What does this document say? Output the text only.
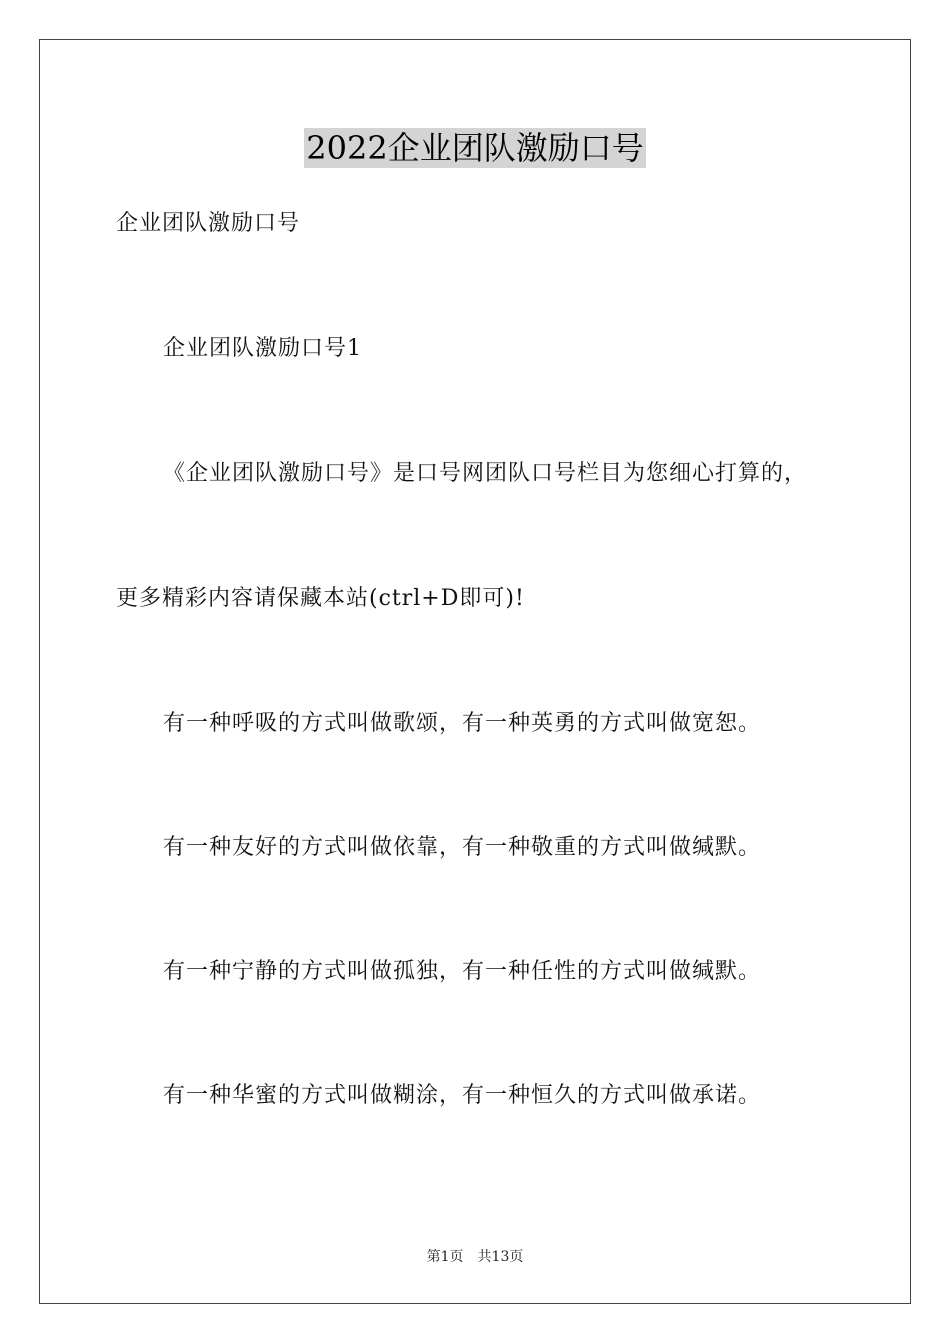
2022企业团队激励口号
企业团队激励口号
企业团队激励口号1
《企业团队激励口号》是口号网团队口号栏目为您细心打算的，
更多精彩内容请保藏本站(ctrl+D即可)!
有一种呼吸的方式叫做歌颂，有一种英勇的方式叫做宽恕。
有一种友好的方式叫做依靠，有一种敬重的方式叫做缄默。
有一种宁静的方式叫做孤独，有一种任性的方式叫做缄默。
有一种华蜜的方式叫做糊涂，有一种恒久的方式叫做承诺。
第1页 共13页
